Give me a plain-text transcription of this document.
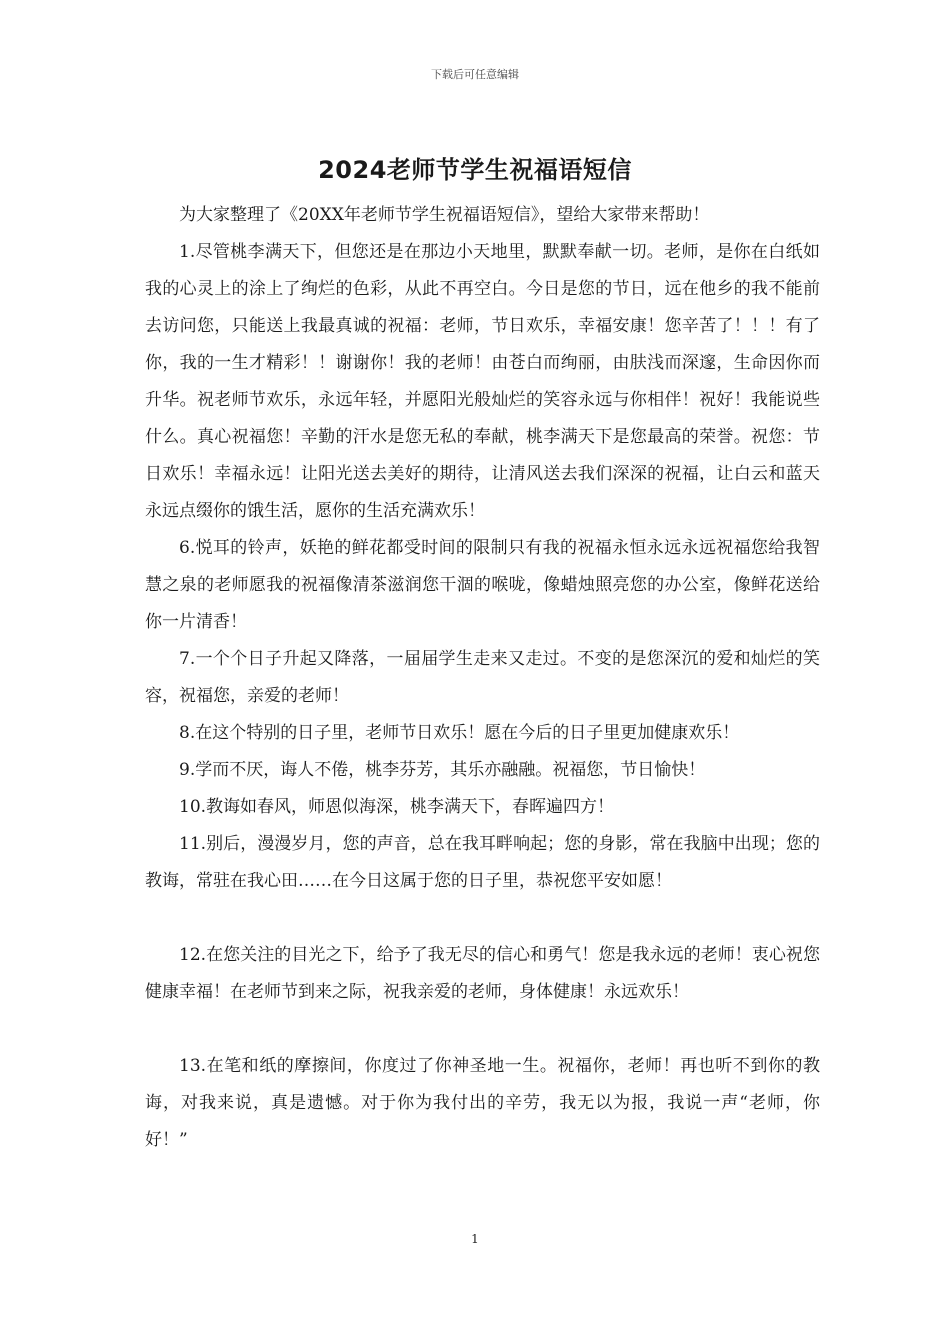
下载后可任意编辑
2024老师节学生祝福语短信

为大家整理了《20XX年老师节学生祝福语短信》，望给大家带来帮助！

1.尽管桃李满天下，但您还是在那边小天地里，默默奉献一切。老师，是你在白纸如我的心灵上的涂上了绚烂的色彩，从此不再空白。今日是您的节日，远在他乡的我不能前去访问您，只能送上我最真诚的祝福：老师，节日欢乐，幸福安康！您辛苦了！！！有了你，我的一生才精彩！！谢谢你！我的老师！由苍白而绚丽，由肤浅而深邃，生命因你而升华。祝老师节欢乐，永远年轻，并愿阳光般灿烂的笑容永远与你相伴！祝好！我能说些什么。真心祝福您！辛勤的汗水是您无私的奉献，桃李满天下是您最高的荣誉。祝您：节日欢乐！幸福永远！让阳光送去美好的期待，让清风送去我们深深的祝福，让白云和蓝天永远点缀你的饿生活，愿你的生活充满欢乐！

6.悦耳的铃声，妖艳的鲜花都受时间的限制只有我的祝福永恒永远永远祝福您给我智慧之泉的老师愿我的祝福像清茶滋润您干涸的喉咙，像蜡烛照亮您的办公室，像鲜花送给你一片清香！

7.一个个日子升起又降落，一届届学生走来又走过。不变的是您深沉的爱和灿烂的笑容，祝福您，亲爱的老师！

8.在这个特别的日子里，老师节日欢乐！愿在今后的日子里更加健康欢乐！

9.学而不厌，诲人不倦，桃李芬芳，其乐亦融融。祝福您，节日愉快！

10.教诲如春风，师恩似海深，桃李满天下，春晖遍四方！

11.别后，漫漫岁月，您的声音，总在我耳畔响起；您的身影，常在我脑中出现；您的教诲，常驻在我心田……在今日这属于您的日子里，恭祝您平安如愿！

12.在您关注的目光之下，给予了我无尽的信心和勇气！您是我永远的老师！衷心祝您健康幸福！在老师节到来之际，祝我亲爱的老师，身体健康！永远欢乐！

13.在笔和纸的摩擦间，你度过了你神圣地一生。祝福你，老师！再也听不到你的教诲，对我来说，真是遗憾。对于你为我付出的辛劳，我无以为报，我说一声“老师，你好！”

1
